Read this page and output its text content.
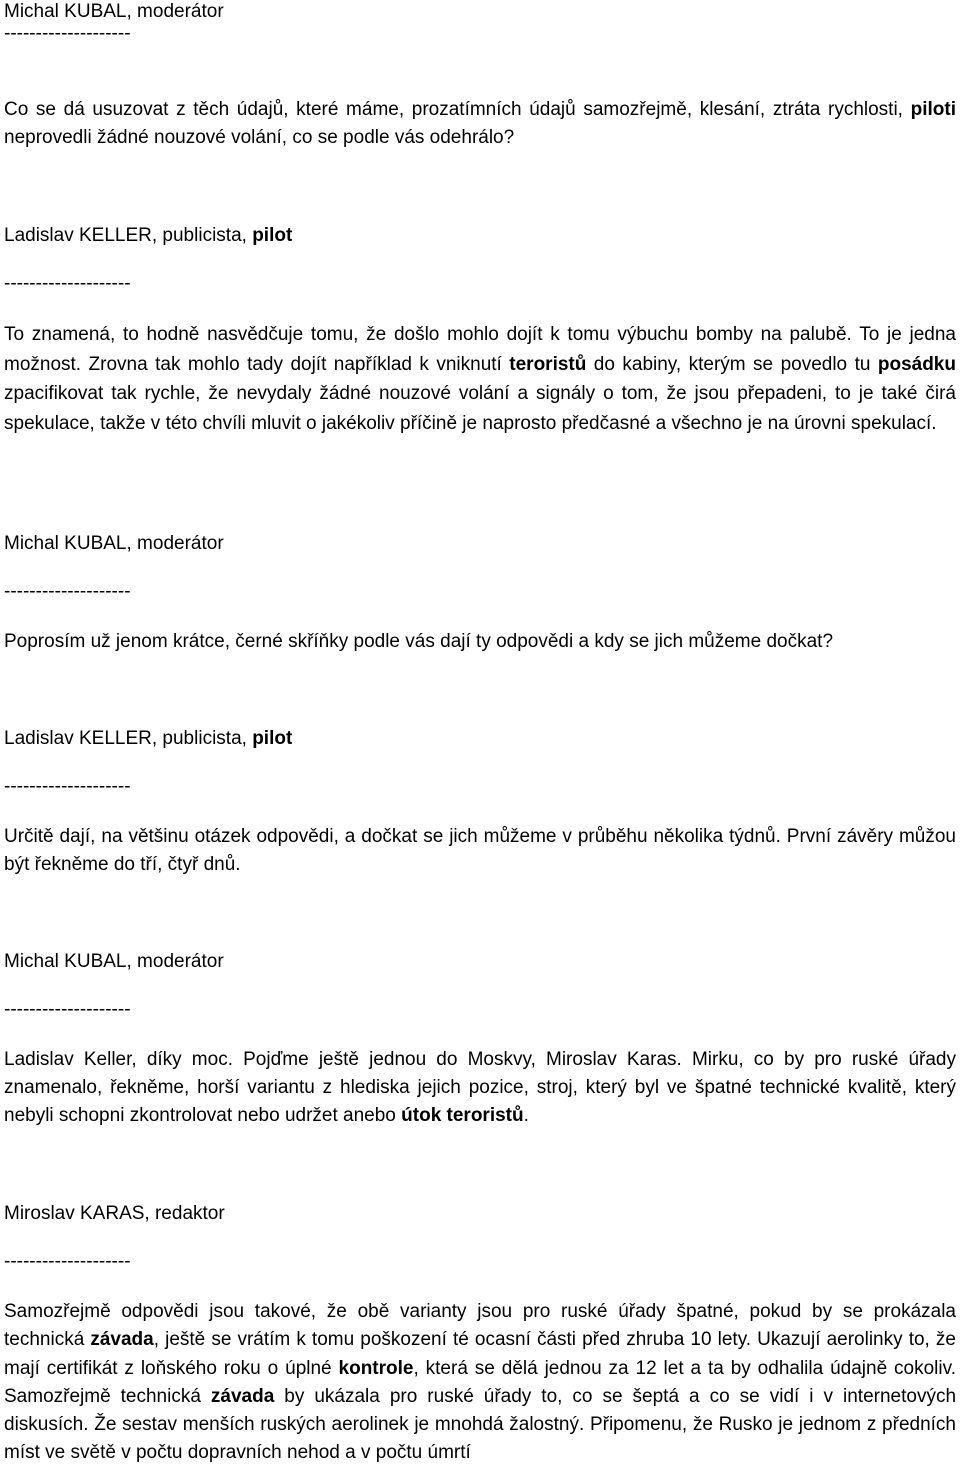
Michal KUBAL, moderátor
--------------------
Co se dá usuzovat z těch údajů, které máme, prozatímních údajů samozřejmě, klesání, ztráta rychlosti, piloti neprovedli žádné nouzové volání, co se podle vás odehrálo?
Ladislav KELLER, publicista, pilot
--------------------
To znamená, to hodně nasvědčuje tomu, že došlo mohlo dojít k tomu výbuchu bomby na palubě. To je jedna možnost. Zrovna tak mohlo tady dojít například k vniknutí teroristů do kabiny, kterým se povedlo tu posádku zpacifikovat tak rychle, že nevydaly žádné nouzové volání a signály o tom, že jsou přepadeni, to je také čirá spekulace, takže v této chvíli mluvit o jakékoliv příčině je naprosto předčasné a všechno je na úrovni spekulací.
Michal KUBAL, moderátor
--------------------
Poprosím už jenom krátce, černé skříňky podle vás dají ty odpovědi a kdy se jich můžeme dočkat?
Ladislav KELLER, publicista, pilot
--------------------
Určitě dají, na většinu otázek odpovědi, a dočkat se jich můžeme v průběhu několika týdnů. První závěry můžou být řekněme do tří, čtyř dnů.
Michal KUBAL, moderátor
--------------------
Ladislav Keller, díky moc. Pojďme ještě jednou do Moskvy, Miroslav Karas. Mirku, co by pro ruské úřady znamenalo, řekněme, horší variantu z hlediska jejich pozice, stroj, který byl ve špatné technické kvalitě, který nebyli schopni zkontrolovat nebo udržet anebo útok teroristů.
Miroslav KARAS, redaktor
--------------------
Samozřejmě odpovědi jsou takové, že obě varianty jsou pro ruské úřady špatné, pokud by se prokázala technická závada, ještě se vrátím k tomu poškození té ocasní části před zhruba 10 lety. Ukazují aerolinky to, že mají certifikát z loňského roku o úplné kontrole, která se dělá jednou za 12 let a ta by odhalila údajně cokoliv. Samozřejmě technická závada by ukázala pro ruské úřady to, co se šeptá a co se vidí i v internetových diskusích. Že sestav menších ruských aerolinek je mnohdá žalostný. Připomenu, že Rusko je jednom z předních míst ve světě v počtu dopravních nehod a v počtu úmrtí
